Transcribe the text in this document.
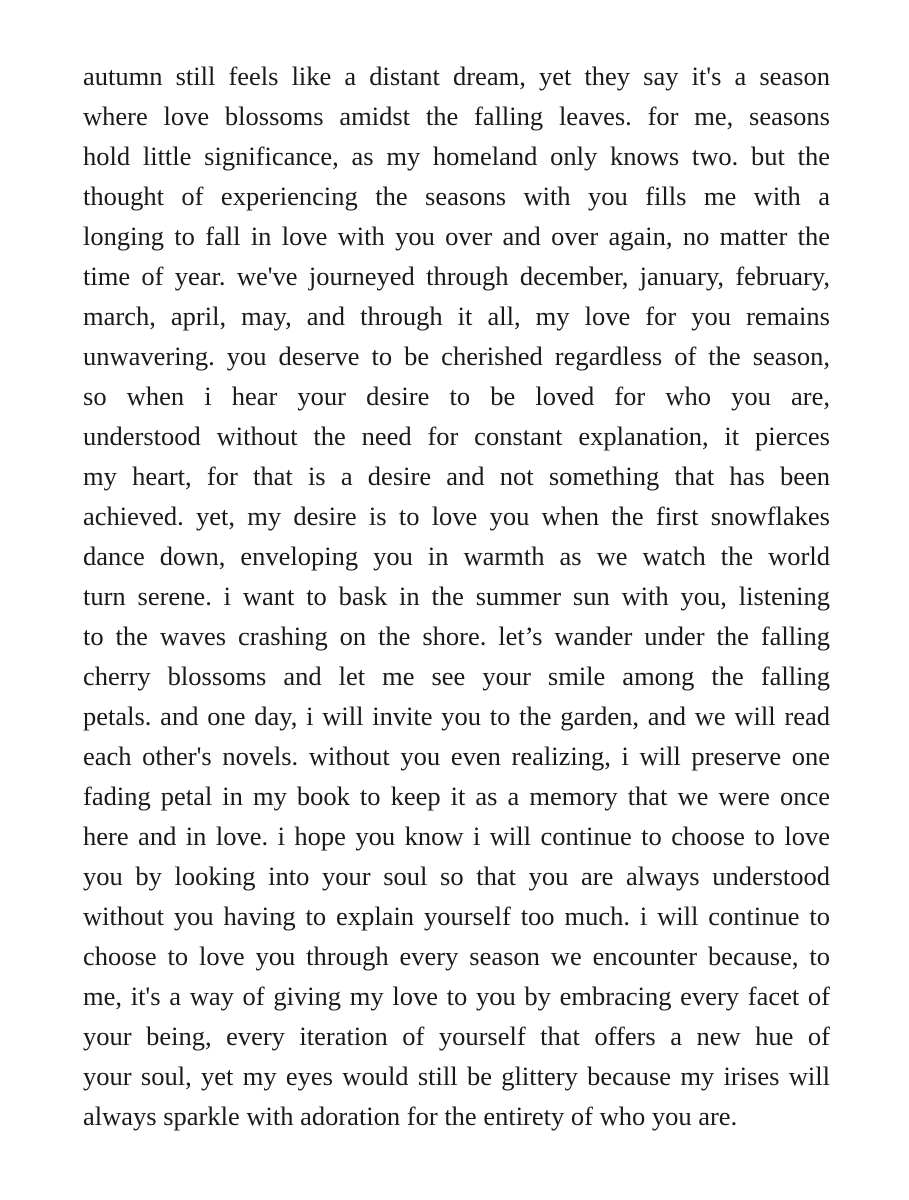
autumn still feels like a distant dream, yet they say it's a season
where love blossoms amidst the falling leaves. for me, seasons
hold little significance, as my homeland only knows two. but the
thought of experiencing the seasons with you fills me with a
longing to fall in love with you over and over again, no matter the
time of year. we've journeyed through december, january, february,
march, april, may, and through it all, my love for you remains
unwavering. you deserve to be cherished regardless of the season,
so when i hear your desire to be loved for who you are,
understood without the need for constant explanation, it pierces
my heart, for that is a desire and not something that has been
achieved. yet, my desire is to love you when the first snowflakes
dance down, enveloping you in warmth as we watch the world
turn serene. i want to bask in the summer sun with you, listening
to the waves crashing on the shore. let’s wander under the falling
cherry blossoms and let me see your smile among the falling
petals. and one day, i will invite you to the garden, and we will read
each other's novels. without you even realizing, i will preserve one
fading petal in my book to keep it as a memory that we were once
here and in love. i hope you know i will continue to choose to love
you by looking into your soul so that you are always understood
without you having to explain yourself too much. i will continue to
choose to love you through every season we encounter because, to
me, it's a way of giving my love to you by embracing every facet of
your being, every iteration of yourself that offers a new hue of
your soul, yet my eyes would still be glittery because my irises will
always sparkle with adoration for the entirety of who you are.
